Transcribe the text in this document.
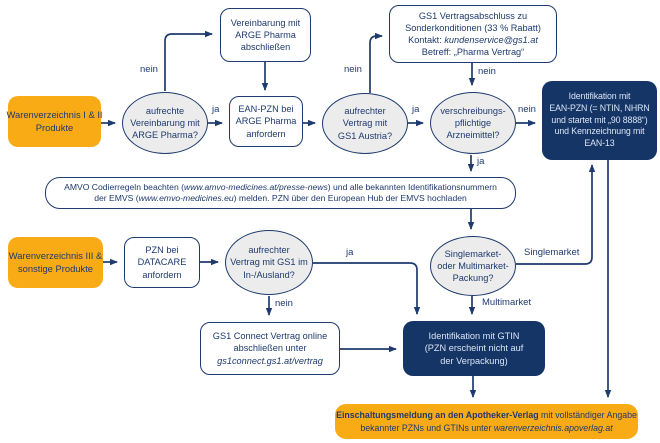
Vereinbarung mit
ARGE Pharma
abschließen
GS1 Vertragsabschluss zu
Sonderkonditionen (33 % Rabatt)
Kontakt: kundenservice@gs1.at
Betreff: „Pharma Vertrag“
Warenverzeichnis I & II
Produkte
aufrechte
Vereinbarung mit
ARGE Pharma?
EAN-PZN bei
ARGE Pharma
anfordern
aufrechter
Vertrag mit
GS1 Austria?
verschreibungs-
pflichtige
Arzneimittel?
Identifikation mit
EAN-PZN (= NTIN, NHRN
und startet mit „90 8888“)
und Kennzeichnung mit
EAN-13
AMVO Codierregeln beachten (www.amvo-medicines.at/presse-news) und alle bekannten Identifikationsnummern
der EMVS (www.emvo-medicines.eu) melden. PZN über den European Hub der EMVS hochladen
Warenverzeichnis III &
sonstige Produkte
PZN bei
DATACARE
anfordern
aufrechter
Vertrag mit GS1 im
In-/Ausland?
Singlemarket-
oder Multimarket-
Packung?
GS1 Connect Vertrag online
abschließen unter
gs1connect.gs1.at/vertrag
Identifikation mit GTIN
(PZN erscheint nicht auf
der Verpackung)
Einschaltungsmeldung an den Apotheker-Verlag mit vollständiger Angabe
bekannter PZNs und GTINs unter warenverzeichnis.apoverlag.at
nein
ja
nein	nein
ja	nein
ja
nein
ja	Singlemarket
Multimarket
